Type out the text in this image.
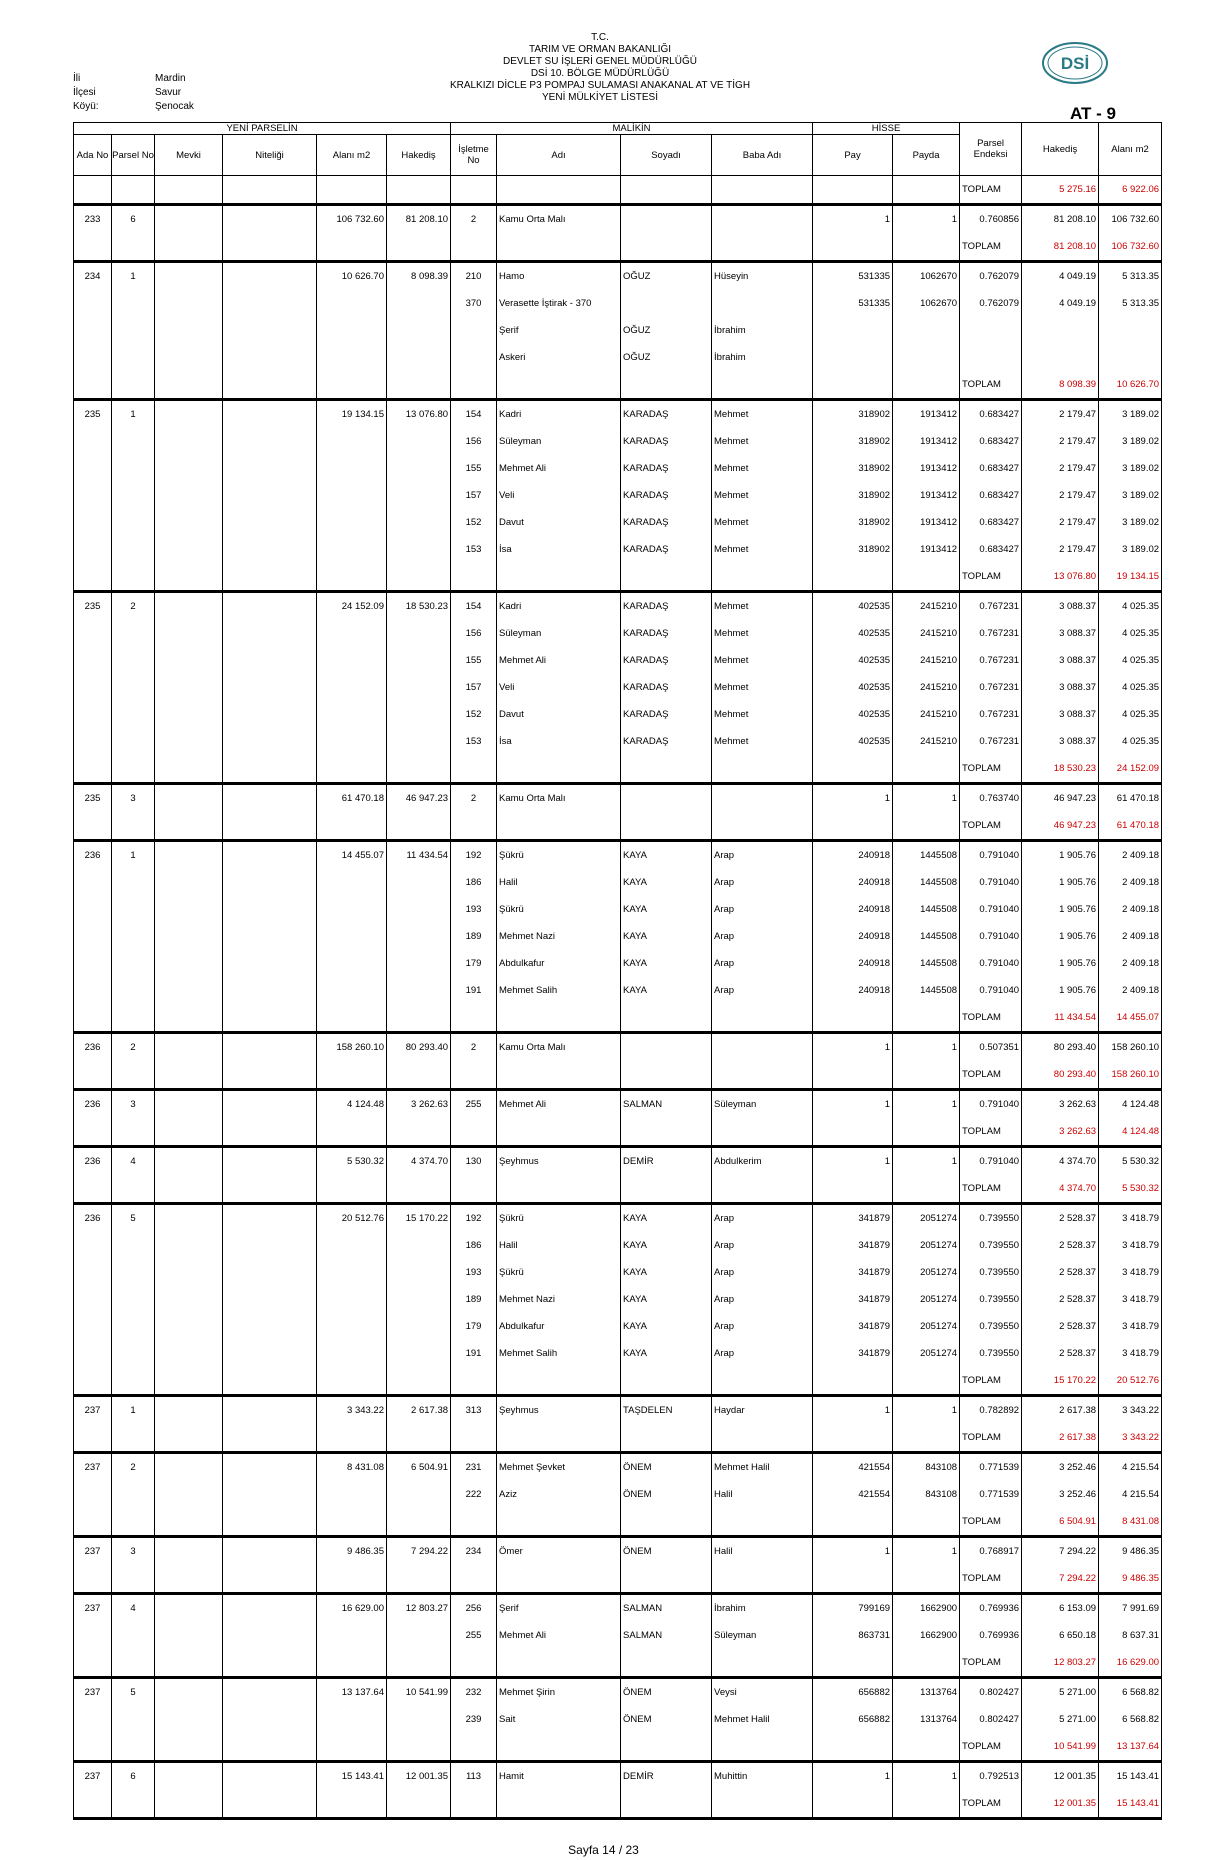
T.C.
TARIM VE ORMAN BAKANLIĞI
DEVLET SU İŞLERİ GENEL MÜDÜRLÜĞÜ
DSİ 10. BÖLGE MÜDÜRLÜĞÜ
KRALKIZI DİCLE P3 POMPAJ SULAMASI ANAKANAL AT VE TİGH
YENİ MÜLKİYET LİSTESİ
İli
İlçesi
Köyü:
Mardin
Savur
Şenocak
DSİ
AT - 9
YENİ PARSELİN						MALİKİN				HİSSE		Parsel Endeksi	Hakediş	Alanı m2
Ada No	Parsel No	Mevki	Niteliği	Alanı m2	Hakediş	İşletme No	Adı	Soyadı	Baba Adı	Pay	Payda			
												TOPLAM	5 275.16	6 922.06
233	6			106 732.60	81 208.10	2	Kamu Orta Malı			1	1	0.760856	81 208.10	106 732.60
												TOPLAM	81 208.10	106 732.60
234	1			10 626.70	8 098.39	210	Hamo	OĞUZ	Hüseyin	531335	1062670	0.762079	4 049.19	5 313.35
						370	Verasette İştirak - 370			531335	1062670	0.762079	4 049.19	5 313.35
							Şerif	OĞUZ	İbrahim					
							Askeri	OĞUZ	İbrahim					
												TOPLAM	8 098.39	10 626.70
235	1			19 134.15	13 076.80	154	Kadri	KARADAŞ	Mehmet	318902	1913412	0.683427	2 179.47	3 189.02
						156	Süleyman	KARADAŞ	Mehmet	318902	1913412	0.683427	2 179.47	3 189.02
						155	Mehmet Ali	KARADAŞ	Mehmet	318902	1913412	0.683427	2 179.47	3 189.02
						157	Veli	KARADAŞ	Mehmet	318902	1913412	0.683427	2 179.47	3 189.02
						152	Davut	KARADAŞ	Mehmet	318902	1913412	0.683427	2 179.47	3 189.02
						153	İsa	KARADAŞ	Mehmet	318902	1913412	0.683427	2 179.47	3 189.02
												TOPLAM	13 076.80	19 134.15
235	2			24 152.09	18 530.23	154	Kadri	KARADAŞ	Mehmet	402535	2415210	0.767231	3 088.37	4 025.35
						156	Süleyman	KARADAŞ	Mehmet	402535	2415210	0.767231	3 088.37	4 025.35
						155	Mehmet Ali	KARADAŞ	Mehmet	402535	2415210	0.767231	3 088.37	4 025.35
						157	Veli	KARADAŞ	Mehmet	402535	2415210	0.767231	3 088.37	4 025.35
						152	Davut	KARADAŞ	Mehmet	402535	2415210	0.767231	3 088.37	4 025.35
						153	İsa	KARADAŞ	Mehmet	402535	2415210	0.767231	3 088.37	4 025.35
												TOPLAM	18 530.23	24 152.09
235	3			61 470.18	46 947.23	2	Kamu Orta Malı			1	1	0.763740	46 947.23	61 470.18
												TOPLAM	46 947.23	61 470.18
236	1			14 455.07	11 434.54	192	Şükrü	KAYA	Arap	240918	1445508	0.791040	1 905.76	2 409.18
						186	Halil	KAYA	Arap	240918	1445508	0.791040	1 905.76	2 409.18
						193	Şükrü	KAYA	Arap	240918	1445508	0.791040	1 905.76	2 409.18
						189	Mehmet Nazi	KAYA	Arap	240918	1445508	0.791040	1 905.76	2 409.18
						179	Abdulkafur	KAYA	Arap	240918	1445508	0.791040	1 905.76	2 409.18
						191	Mehmet Salih	KAYA	Arap	240918	1445508	0.791040	1 905.76	2 409.18
												TOPLAM	11 434.54	14 455.07
236	2			158 260.10	80 293.40	2	Kamu Orta Malı			1	1	0.507351	80 293.40	158 260.10
												TOPLAM	80 293.40	158 260.10
236	3			4 124.48	3 262.63	255	Mehmet Ali	SALMAN	Süleyman	1	1	0.791040	3 262.63	4 124.48
												TOPLAM	3 262.63	4 124.48
236	4			5 530.32	4 374.70	130	Şeyhmus	DEMİR	Abdulkerim	1	1	0.791040	4 374.70	5 530.32
												TOPLAM	4 374.70	5 530.32
236	5			20 512.76	15 170.22	192	Şükrü	KAYA	Arap	341879	2051274	0.739550	2 528.37	3 418.79
						186	Halil	KAYA	Arap	341879	2051274	0.739550	2 528.37	3 418.79
						193	Şükrü	KAYA	Arap	341879	2051274	0.739550	2 528.37	3 418.79
						189	Mehmet Nazi	KAYA	Arap	341879	2051274	0.739550	2 528.37	3 418.79
						179	Abdulkafur	KAYA	Arap	341879	2051274	0.739550	2 528.37	3 418.79
						191	Mehmet Salih	KAYA	Arap	341879	2051274	0.739550	2 528.37	3 418.79
												TOPLAM	15 170.22	20 512.76
237	1			3 343.22	2 617.38	313	Şeyhmus	TAŞDELEN	Haydar	1	1	0.782892	2 617.38	3 343.22
												TOPLAM	2 617.38	3 343.22
237	2			8 431.08	6 504.91	231	Mehmet Şevket	ÖNEM	Mehmet Halil	421554	843108	0.771539	3 252.46	4 215.54
						222	Aziz	ÖNEM	Halil	421554	843108	0.771539	3 252.46	4 215.54
												TOPLAM	6 504.91	8 431.08
237	3			9 486.35	7 294.22	234	Ömer	ÖNEM	Halil	1	1	0.768917	7 294.22	9 486.35
												TOPLAM	7 294.22	9 486.35
237	4			16 629.00	12 803.27	256	Şerif	SALMAN	İbrahim	799169	1662900	0.769936	6 153.09	7 991.69
						255	Mehmet Ali	SALMAN	Süleyman	863731	1662900	0.769936	6 650.18	8 637.31
												TOPLAM	12 803.27	16 629.00
237	5			13 137.64	10 541.99	232	Mehmet Şirin	ÖNEM	Veysi	656882	1313764	0.802427	5 271.00	6 568.82
						239	Sait	ÖNEM	Mehmet Halil	656882	1313764	0.802427	5 271.00	6 568.82
												TOPLAM	10 541.99	13 137.64
237	6			15 143.41	12 001.35	113	Hamit	DEMİR	Muhittin	1	1	0.792513	12 001.35	15 143.41
												TOPLAM	12 001.35	15 143.41
Sayfa 14 / 23
